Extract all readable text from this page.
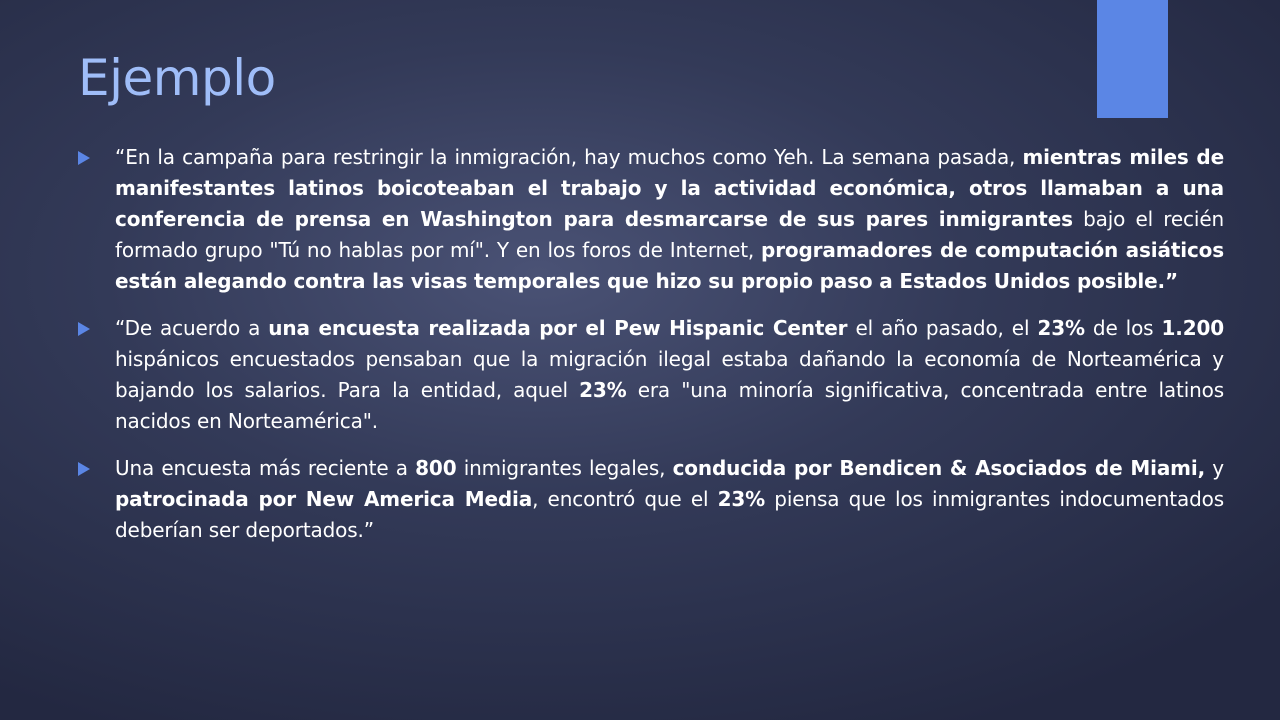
Ejemplo
“En la campaña para restringir la inmigración, hay muchos como Yeh. La semana pasada, mientras miles de manifestantes latinos boicoteaban el trabajo y la actividad económica, otros llamaban a una conferencia de prensa en Washington para desmarcarse de sus pares inmigrantes bajo el recién formado grupo "Tú no hablas por mí". Y en los foros de Internet, programadores de computación asiáticos están alegando contra las visas temporales que hizo su propio paso a Estados Unidos posible.”
“De acuerdo a una encuesta realizada por el Pew Hispanic Center el año pasado, el 23% de los 1.200 hispánicos encuestados pensaban que la migración ilegal estaba dañando la economía de Norteamérica y bajando los salarios. Para la entidad, aquel 23% era "una minoría significativa, concentrada entre latinos nacidos en Norteamérica".
Una encuesta más reciente a 800 inmigrantes legales, conducida por Bendicen & Asociados de Miami, y patrocinada por New America Media, encontró que el 23% piensa que los inmigrantes indocumentados deberían ser deportados.”
